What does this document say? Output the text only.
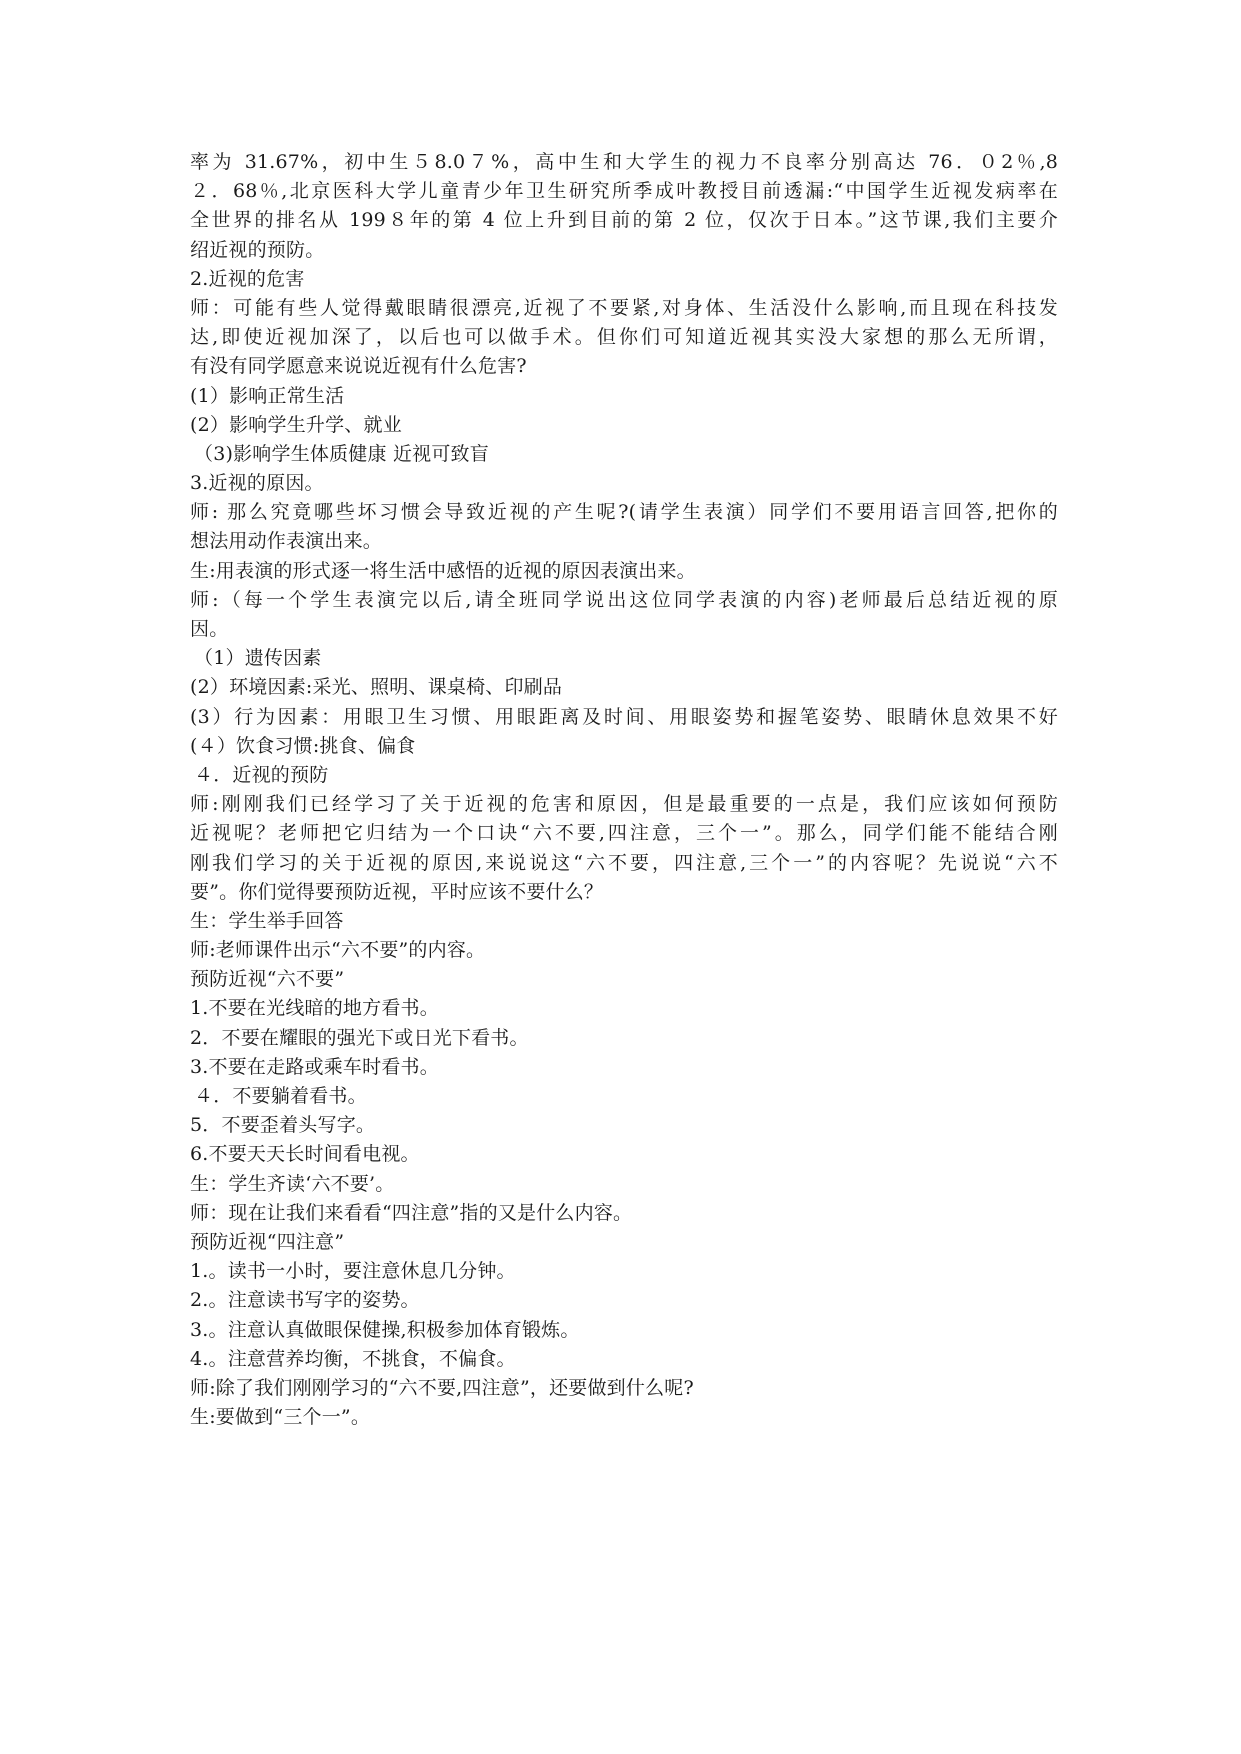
率为 31.67%，初中生５8.0７%，高中生和大学生的视力不良率分别高达 76．０2％,8
２．68％,北京医科大学儿童青少年卫生研究所季成叶教授目前透漏:“中国学生近视发病率在
全世界的排名从 199８年的第 4 位上升到目前的第 2 位，仅次于日本。”这节课,我们主要介
绍近视的预防。
2.近视的危害
师：可能有些人觉得戴眼睛很漂亮,近视了不要紧,对身体、生活没什么影响,而且现在科技发
达,即使近视加深了，以后也可以做手术。但你们可知道近视其实没大家想的那么无所谓，
有没有同学愿意来说说近视有什么危害?
(1）影响正常生活
(2）影响学生升学、就业
（3)影响学生体质健康 近视可致盲
3.近视的原因。
师: 那么究竟哪些坏习惯会导致近视的产生呢?(请学生表演）同学们不要用语言回答,把你的
想法用动作表演出来。
生:用表演的形式逐一将生活中感悟的近视的原因表演出来。
师:（每一个学生表演完以后,请全班同学说出这位同学表演的内容)老师最后总结近视的原
因。
（1）遗传因素
(2）环境因素:采光、照明、课桌椅、印刷品
(3）行为因素：用眼卫生习惯、用眼距离及时间、用眼姿势和握笔姿势、眼睛休息效果不好
(４）饮食习惯:挑食、偏食
４．近视的预防
师:刚刚我们已经学习了关于近视的危害和原因，但是最重要的一点是，我们应该如何预防
近视呢？老师把它归结为一个口诀“六不要,四注意，三个一”。那么，同学们能不能结合刚
刚我们学习的关于近视的原因,来说说这“六不要，四注意,三个一”的内容呢？先说说“六不
要”。你们觉得要预防近视，平时应该不要什么？
生：学生举手回答
师:老师课件出示“六不要”的内容。
预防近视“六不要”
1.不要在光线暗的地方看书。
2．不要在耀眼的强光下或日光下看书。
3.不要在走路或乘车时看书。
４．不要躺着看书。
5．不要歪着头写字。
6.不要天天长时间看电视。
生：学生齐读‘六不要’。
师：现在让我们来看看“四注意”指的又是什么内容。
预防近视“四注意”
1.。读书一小时，要注意休息几分钟。
2.。注意读书写字的姿势。
3.。注意认真做眼保健操,积极参加体育锻炼。
4.。注意营养均衡，不挑食，不偏食。
师:除了我们刚刚学习的“六不要,四注意”，还要做到什么呢?
生:要做到“三个一”。
